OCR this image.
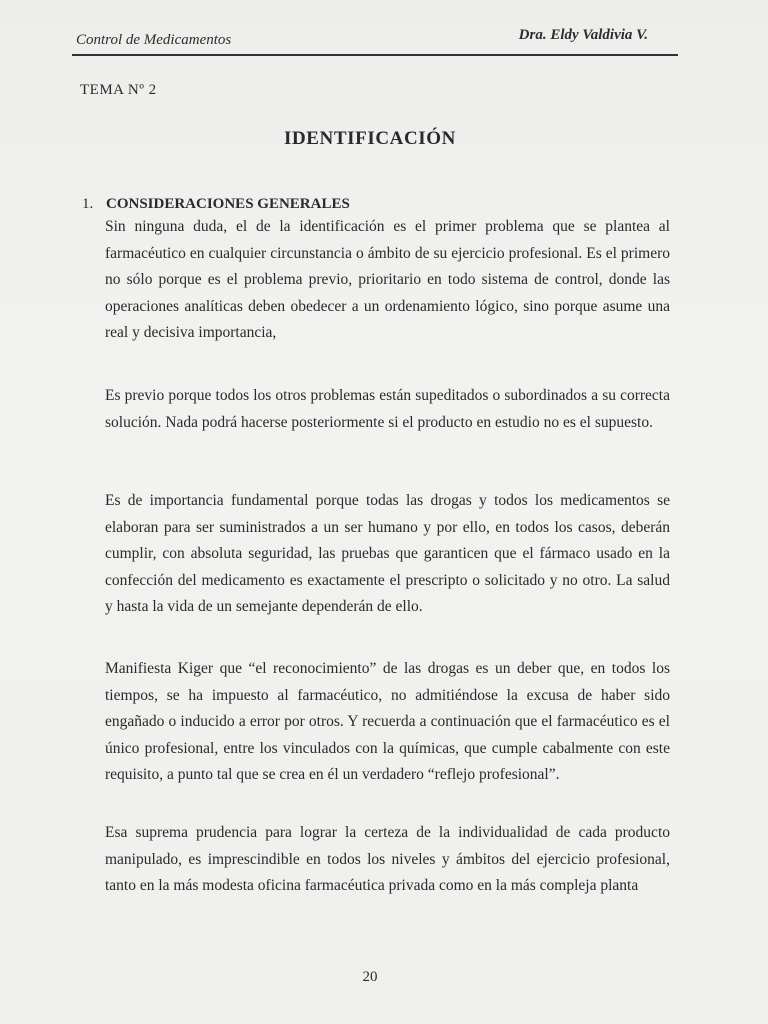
Control de Medicamentos	Dra. Eldy Valdivia V.
TEMA Nº 2
IDENTIFICACIÓN
1. CONSIDERACIONES GENERALES

Sin ninguna duda, el de la identificación es el primer problema que se plantea al farmacéutico en cualquier circunstancia o ámbito de su ejercicio profesional. Es el primero no sólo porque es el problema previo, prioritario en todo sistema de control, donde las operaciones analíticas deben obedecer a un ordenamiento lógico, sino porque asume una real y decisiva importancia,

Es previo porque todos los otros problemas están supeditados o subordinados a su correcta solución. Nada podrá hacerse posteriormente si el producto en estudio no es el supuesto.

Es de importancia fundamental porque todas las drogas y todos los medicamentos se elaboran para ser suministrados a un ser humano y por ello, en todos los casos, deberán cumplir, con absoluta seguridad, las pruebas que garanticen que el fármaco usado en la confección del medicamento es exactamente el prescripto o solicitado y no otro. La salud y hasta la vida de un semejante dependerán de ello.

Manifiesta Kiger que “el reconocimiento” de las drogas es un deber que, en todos los tiempos, se ha impuesto al farmacéutico, no admitiéndose la excusa de haber sido engañado o inducido a error por otros. Y recuerda a continuación que el farmacéutico es el único profesional, entre los vinculados con la químicas, que cumple cabalmente con este requisito, a punto tal que se crea en él un verdadero “reflejo profesional”.

Esa suprema prudencia para lograr la certeza de la individualidad de cada producto manipulado, es imprescindible en todos los niveles y ámbitos del ejercicio profesional, tanto en la más modesta oficina farmacéutica privada como en la más compleja planta

20
